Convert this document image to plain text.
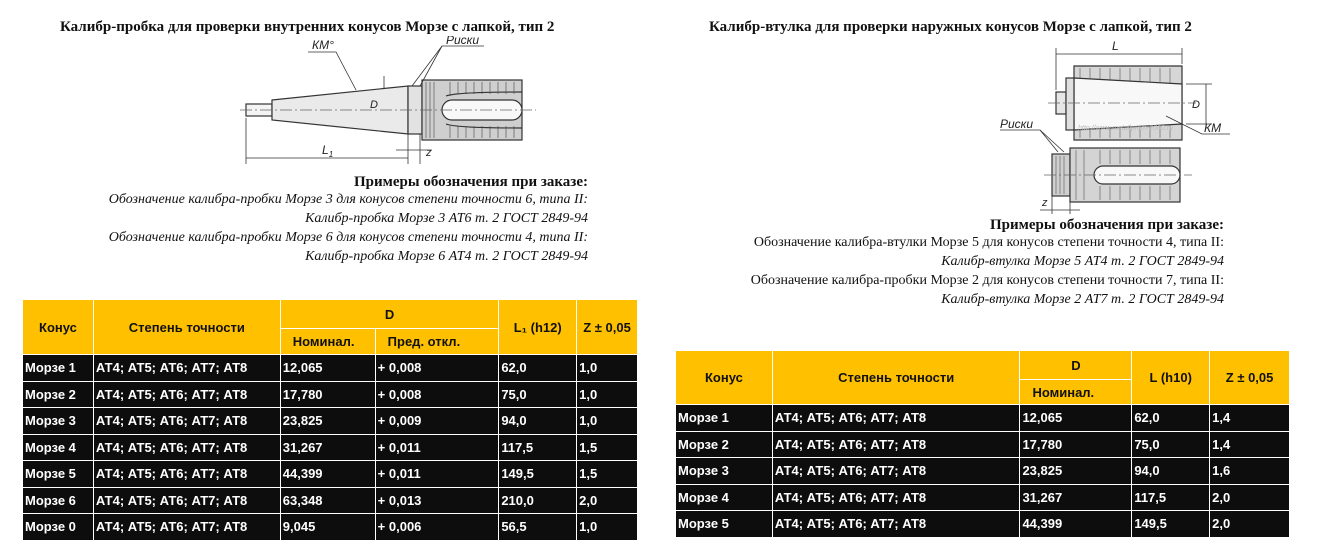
Калибр-пробка для проверки внутренних конусов Морзе с лапкой, тип 2
КМ°	Риски
D
$L_1$	z
Примеры обозначения при заказе:
Обозначение калибра-пробки Морзе 3 для конусов степени точности 6, типа II:
Калибр-пробка Морзе 3 АТ6 т. 2 ГОСТ 2849-94
Обозначение калибра-пробки Морзе 6 для конусов степени точности 4, типа II:
Калибр-пробка Морзе 6 АТ4 т. 2 ГОСТ 2849-94
Конус	Степень точности	D		L₁ (h12)	Z ± 0,05
		Номинал.	Пред. откл.		
Морзе 1	АТ4; АТ5; АТ6; АТ7; АТ8	12,065	+ 0,008	62,0	1,0
Морзе 2	АТ4; АТ5; АТ6; АТ7; АТ8	17,780	+ 0,008	75,0	1,0
Морзе 3	АТ4; АТ5; АТ6; АТ7; АТ8	23,825	+ 0,009	94,0	1,0
Морзе 4	АТ4; АТ5; АТ6; АТ7; АТ8	31,267	+ 0,011	117,5	1,5
Морзе 5	АТ4; АТ5; АТ6; АТ7; АТ8	44,399	+ 0,011	149,5	1,5
Морзе 6	АТ4; АТ5; АТ6; АТ7; АТ8	63,348	+ 0,013	210,0	2,0
Морзе 0	АТ4; АТ5; АТ6; АТ7; АТ8	9,045	+ 0,006	56,5	1,0
Калибр-втулка для проверки наружных конусов Морзе с лапкой, тип 2
L
D
КМ
http://www.metallprom-2000.ru
Риски
z
Примеры обозначения при заказе:
Обозначение калибра-втулки Морзе 5 для конусов степени точности 4, типа II:
Калибр-втулка Морзе 5 АТ4 т. 2 ГОСТ 2849-94
Обозначение калибра-пробки Морзе 2 для конусов степени точности 7, типа II:
Калибр-втулка Морзе 2 АТ7 т. 2 ГОСТ 2849-94
Конус	Степень точности	D	L (h10)	Z ± 0,05
		Номинал.		
Морзе 1	АТ4; АТ5; АТ6; АТ7; АТ8	12,065	62,0	1,4
Морзе 2	АТ4; АТ5; АТ6; АТ7; АТ8	17,780	75,0	1,4
Морзе 3	АТ4; АТ5; АТ6; АТ7; АТ8	23,825	94,0	1,6
Морзе 4	АТ4; АТ5; АТ6; АТ7; АТ8	31,267	117,5	2,0
Морзе 5	АТ4; АТ5; АТ6; АТ7; АТ8	44,399	149,5	2,0
